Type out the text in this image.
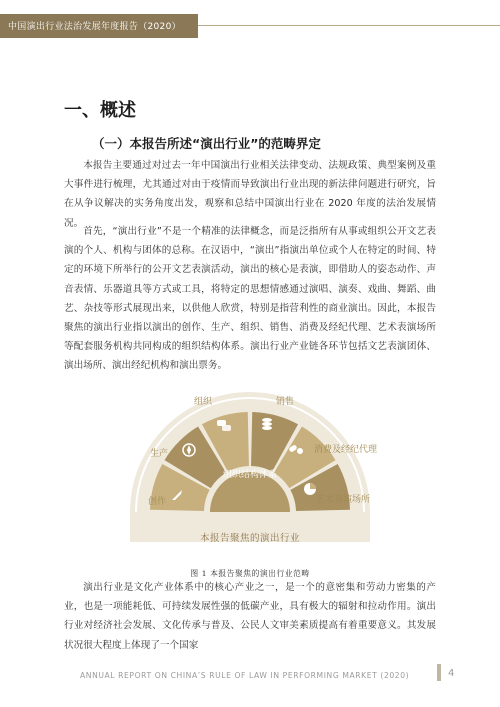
中国演出行业法治发展年度报告（2020）
一、概述
（一）本报告所述“演出行业”的范畴界定

本报告主要通过对过去一年中国演出行业相关法律变动、法规政策、典型案例及重大事件进行梳理，尤其通过对由于疫情而导致演出行业出现的新法律问题进行研究，旨在从争议解决的实务角度出发，观察和总结中国演出行业在 2020 年度的法治发展情况。

首先，“演出行业”不是一个精准的法律概念，而是泛指所有从事或组织公开文艺表演的个人、机构与团体的总称。在汉语中，“演出”指演出单位或个人在特定的时间、特定的环境下所举行的公开文艺表演活动，演出的核心是表演，即借助人的姿态动作、声音表情、乐器道具等方式或工具，将特定的思想情感通过演唱、演奏、戏曲、舞蹈、曲艺、杂技等形式展现出来，以供他人欣赏，特别是指营利性的商业演出。因此，本报告聚焦的演出行业指以演出的创作、生产、组织、销售、消费及经纪代理、艺术表演场所等配套服务机构共同构成的组织结构体系。演出行业产业链各环节包括文艺表演团体、演出场所、演出经纪机构和演出票务。

创作
生产
组织	销售
消费及经纪代理
艺术表演场所
组织结构体系
本报告聚焦的演出行业
图 1 本报告聚焦的演出行业范畴

演出行业是文化产业体系中的核心产业之一，是一个的意密集和劳动力密集的产业，也是一项能耗低、可持续发展性强的低碳产业，具有极大的辐射和拉动作用。演出行业对经济社会发展、文化传承与普及、公民人文审美素质提高有着重要意义。其发展状况很大程度上体现了一个国家

ANNUAL REPORT ON CHINA’S RULE OF LAW IN PERFORMING MARKET (2020)	4
